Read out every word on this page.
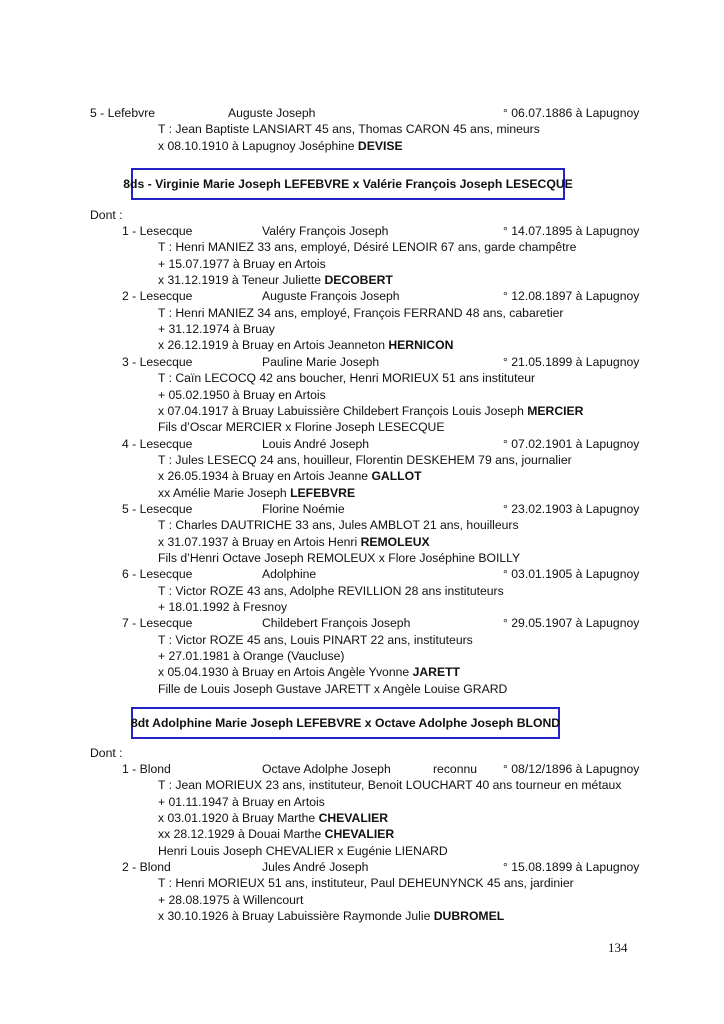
5 - Lefebvre	Auguste Joseph	° 06.07.1886 à Lapugnoy
T : Jean Baptiste LANSIART 45 ans, Thomas CARON 45 ans, mineurs
x 08.10.1910 à Lapugnoy Joséphine DEVISE
8ds - Virginie Marie Joseph LEFEBVRE x Valérie François Joseph LESECQUE
Dont :
1 - Lesecque	Valéry François Joseph	° 14.07.1895 à Lapugnoy
T : Henri MANIEZ 33 ans, employé, Désiré LENOIR 67 ans, garde champêtre
+ 15.07.1977 à Bruay en Artois
x 31.12.1919 à Teneur Juliette DECOBERT
2 - Lesecque	Auguste François Joseph	° 12.08.1897 à Lapugnoy
T : Henri MANIEZ 34 ans, employé, François FERRAND 48 ans, cabaretier
+ 31.12.1974 à Bruay
x 26.12.1919 à Bruay en Artois Jeanneton HERNICON
3 - Lesecque	Pauline Marie Joseph	° 21.05.1899 à Lapugnoy
T : Caïn LECOCQ 42 ans boucher, Henri MORIEUX 51 ans instituteur
+ 05.02.1950 à Bruay en Artois
x 07.04.1917 à Bruay Labuissière Childebert François Louis Joseph MERCIER
Fils d’Oscar MERCIER x Florine Joseph LESECQUE
4 - Lesecque	Louis André Joseph	° 07.02.1901 à Lapugnoy
T : Jules LESECQ 24 ans, houilleur, Florentin DESKEHEM 79 ans, journalier
x 26.05.1934 à Bruay en Artois Jeanne GALLOT
xx Amélie Marie Joseph LEFEBVRE
5 - Lesecque	Florine Noémie	° 23.02.1903 à Lapugnoy
T : Charles DAUTRICHE 33 ans, Jules AMBLOT 21 ans, houilleurs
x 31.07.1937 à Bruay en Artois Henri REMOLEUX
Fils d’Henri Octave Joseph REMOLEUX x Flore Joséphine BOILLY
6 - Lesecque	Adolphine	° 03.01.1905 à Lapugnoy
T : Victor ROZE 43 ans, Adolphe REVILLION 28 ans instituteurs
+ 18.01.1992 à Fresnoy
7 - Lesecque	Childebert François Joseph	° 29.05.1907 à Lapugnoy
T : Victor ROZE 45 ans, Louis PINART 22 ans, instituteurs
+ 27.01.1981 à Orange (Vaucluse)
x 05.04.1930 à Bruay en Artois Angèle Yvonne JARETT
Fille de Louis Joseph Gustave JARETT x Angèle Louise GRARD
8dt Adolphine Marie Joseph LEFEBVRE x Octave Adolphe Joseph BLOND
Dont :
1 - Blond	Octave Adolphe Joseph	reconnu ° 08/12/1896 à Lapugnoy
T : Jean MORIEUX 23 ans, instituteur, Benoit LOUCHART 40 ans tourneur en métaux
+ 01.11.1947 à Bruay en Artois
x 03.01.1920 à Bruay Marthe CHEVALIER
xx 28.12.1929 à Douai Marthe CHEVALIER
Henri Louis Joseph CHEVALIER x Eugénie LIENARD
2 - Blond	Jules André Joseph	° 15.08.1899 à Lapugnoy
T : Henri MORIEUX 51 ans, instituteur, Paul DEHEUNYNCK 45 ans, jardinier
+ 28.08.1975 à Willencourt
x 30.10.1926 à Bruay Labuissière Raymonde Julie DUBROMEL
134
